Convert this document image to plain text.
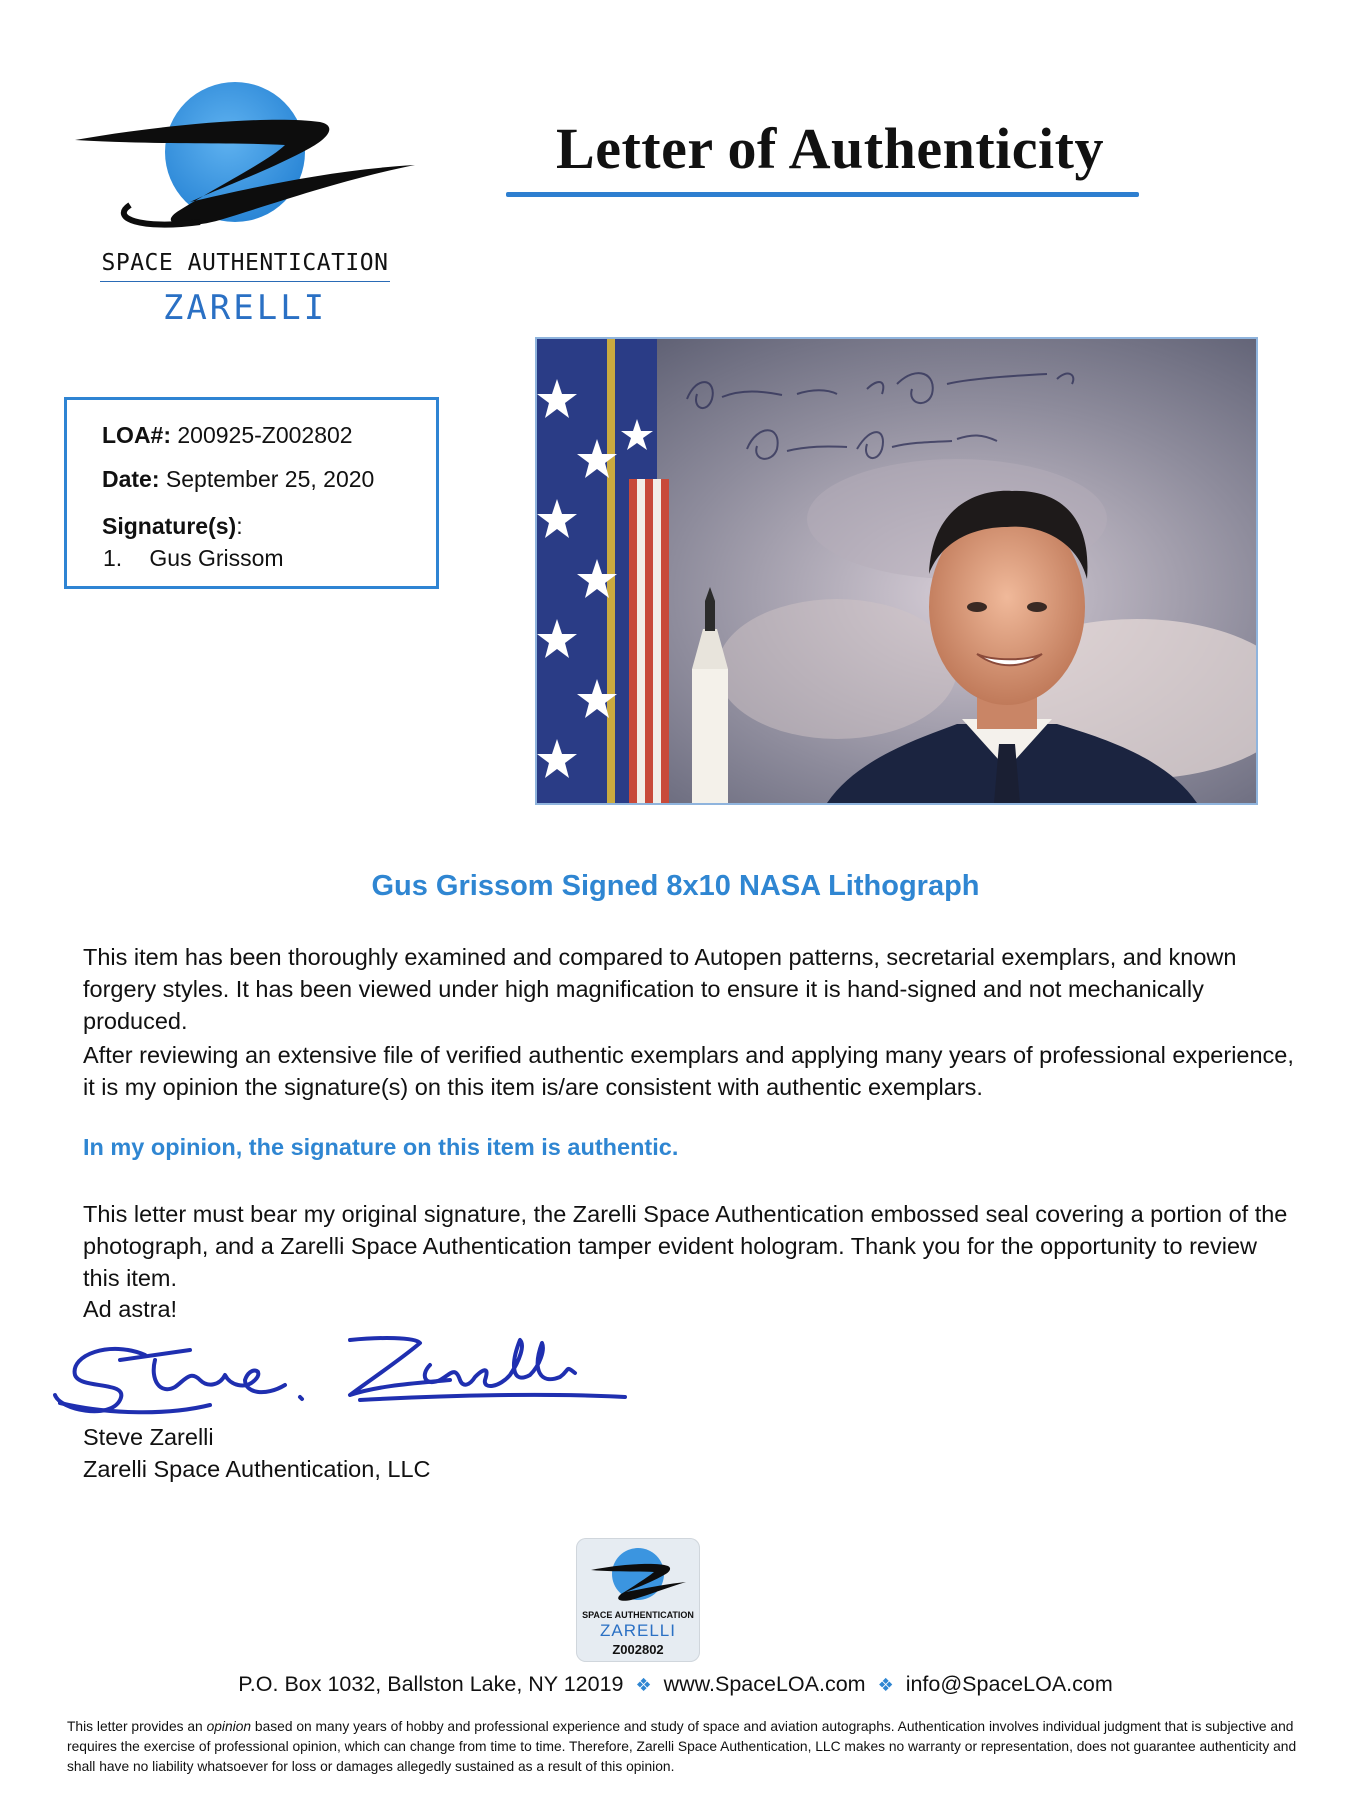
SPACE AUTHENTICATION
ZARELLI
Letter of Authenticity
LOA#: 200925-Z002802
Date: September 25, 2020
Signature(s):
1. Gus Grissom
Gus Grissom Signed 8x10 NASA Lithograph
This item has been thoroughly examined and compared to Autopen patterns, secretarial exemplars, and known forgery styles. It has been viewed under high magnification to ensure it is hand-signed and not mechanically produced.
After reviewing an extensive file of verified authentic exemplars and applying many years of professional experience, it is my opinion the signature(s) on this item is/are consistent with authentic exemplars.
In my opinion, the signature on this item is authentic.
This letter must bear my original signature, the Zarelli Space Authentication embossed seal covering a portion of the photograph, and a Zarelli Space Authentication tamper evident hologram. Thank you for the opportunity to review this item.
Ad astra!
Steve Zarelli
Zarelli Space Authentication, LLC
SPACE AUTHENTICATION
ZARELLI
Z002802
P.O. Box 1032, Ballston Lake, NY 12019 ❖ www.SpaceLOA.com ❖ info@SpaceLOA.com
This letter provides an opinion based on many years of hobby and professional experience and study of space and aviation autographs. Authentication involves individual judgment that is subjective and requires the exercise of professional opinion, which can change from time to time. Therefore, Zarelli Space Authentication, LLC makes no warranty or representation, does not guarantee authenticity and shall have no liability whatsoever for loss or damages allegedly sustained as a result of this opinion.
